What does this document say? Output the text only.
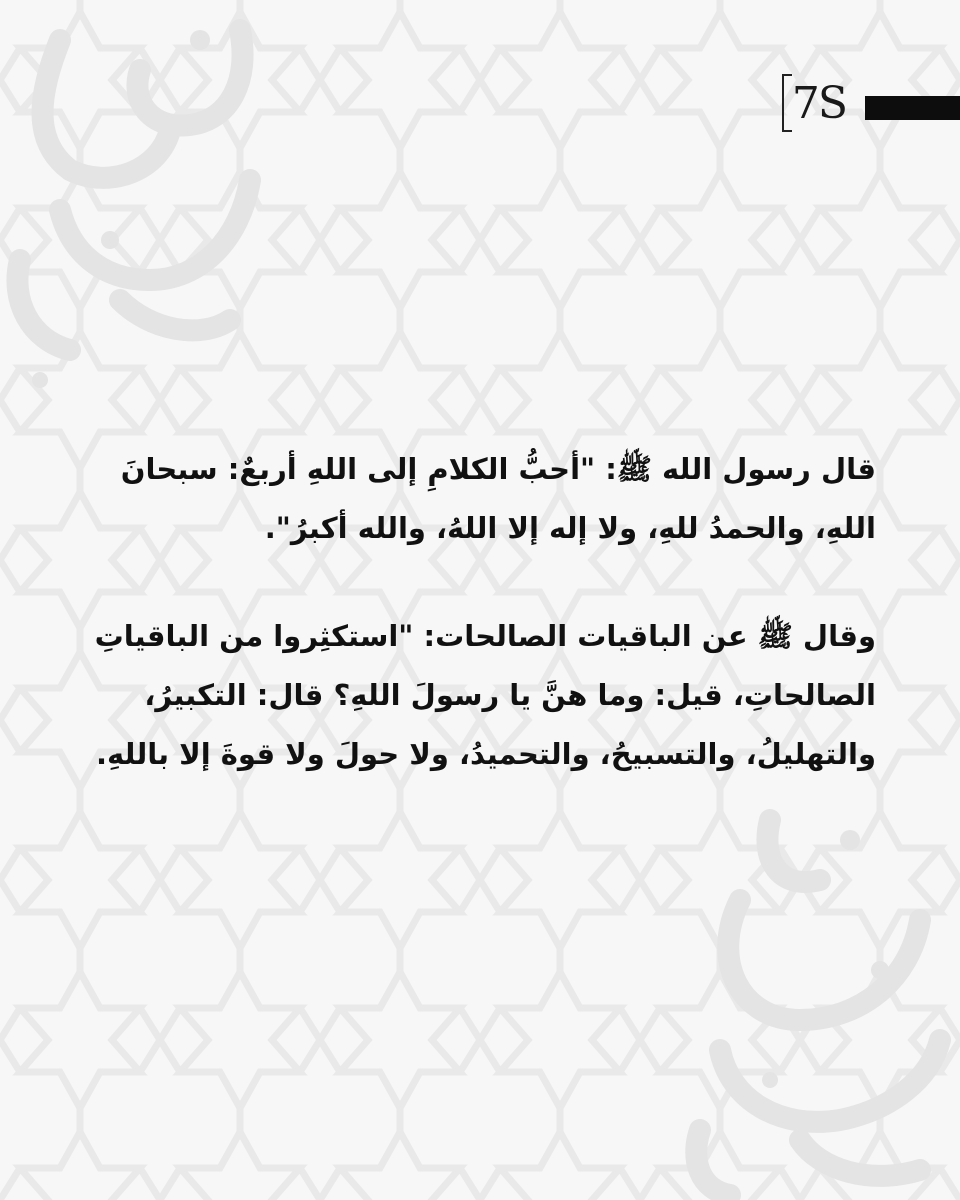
7S

قال رسول الله ﷺ: "أحبُّ الكلامِ إلى اللهِ أربعٌ: سبحانَ اللهِ، والحمدُ للهِ، ولا إله إلا اللهُ، والله أكبرُ".

وقال ﷺ عن الباقيات الصالحات: "استكثِروا من الباقياتِ الصالحاتِ، قيل: وما هنَّ يا رسولَ اللهِ؟ قال: التكبيرُ، والتهليلُ، والتسبيحُ، والتحميدُ، ولا حولَ ولا قوةَ إلا باللهِ.
